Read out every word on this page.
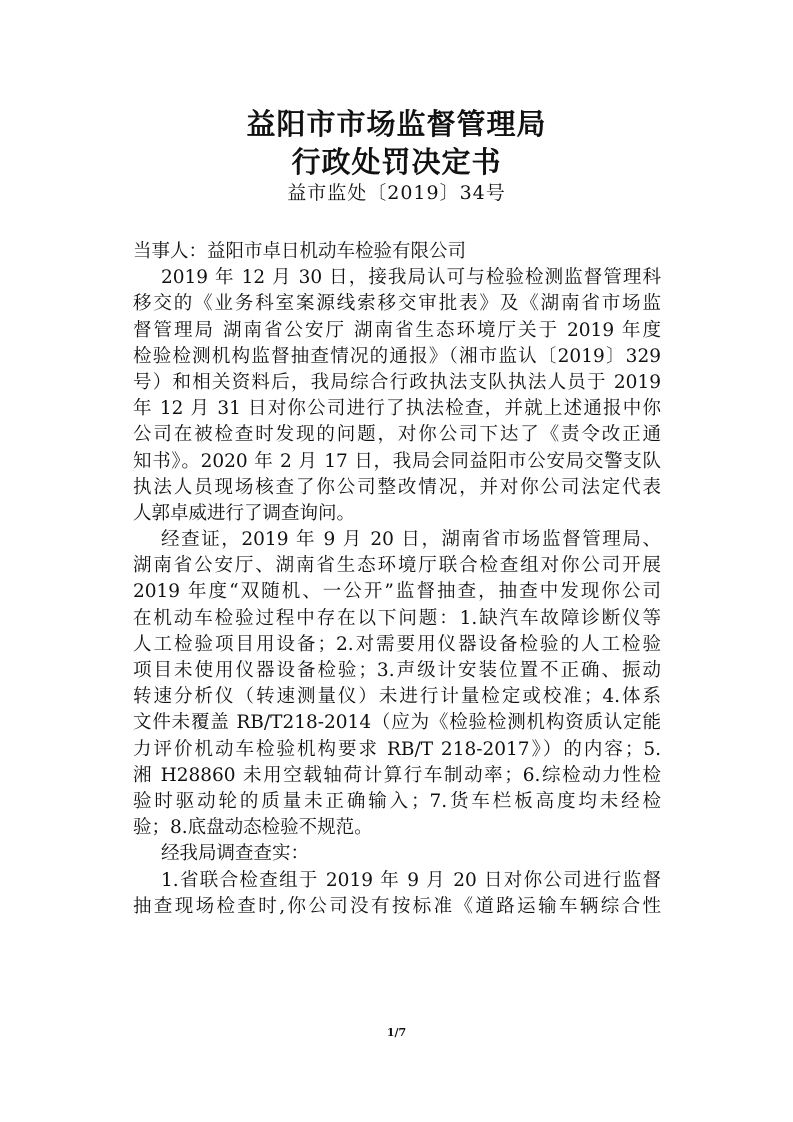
益阳市市场监督管理局
行政处罚决定书
益市监处〔2019〕34号
当事人：益阳市卓日机动车检验有限公司
2019 年 12 月 30 日，接我局认可与检验检测监督管理科
移交的《业务科室案源线索移交审批表》及《湖南省市场监
督管理局 湖南省公安厅 湖南省生态环境厅关于 2019 年度
检验检测机构监督抽查情况的通报》（湘市监认〔2019〕329
号）和相关资料后，我局综合行政执法支队执法人员于 2019
年 12 月 31 日对你公司进行了执法检查，并就上述通报中你
公司在被检查时发现的问题，对你公司下达了《责令改正通
知书》。2020 年 2 月 17 日，我局会同益阳市公安局交警支队
执法人员现场核查了你公司整改情况，并对你公司法定代表
人郭卓威进行了调查询问。
经查证，2019 年 9 月 20 日，湖南省市场监督管理局、
湖南省公安厅、湖南省生态环境厅联合检查组对你公司开展
2019 年度“双随机、一公开”监督抽查，抽查中发现你公司
在机动车检验过程中存在以下问题：1.缺汽车故障诊断仪等
人工检验项目用设备；2.对需要用仪器设备检验的人工检验
项目未使用仪器设备检验；3.声级计安装位置不正确、振动
转速分析仪（转速测量仪）未进行计量检定或校准；4.体系
文件未覆盖 RB/T218-2014（应为《检验检测机构资质认定能
力评价机动车检验机构要求 RB/T 218-2017》）的内容；5.
湘 H28860 未用空载轴荷计算行车制动率；6.综检动力性检
验时驱动轮的质量未正确输入；7.货车栏板高度均未经检
验；8.底盘动态检验不规范。
经我局调查查实：
1.省联合检查组于 2019 年 9 月 20 日对你公司进行监督
抽查现场检查时,你公司没有按标准《道路运输车辆综合性
1/7
